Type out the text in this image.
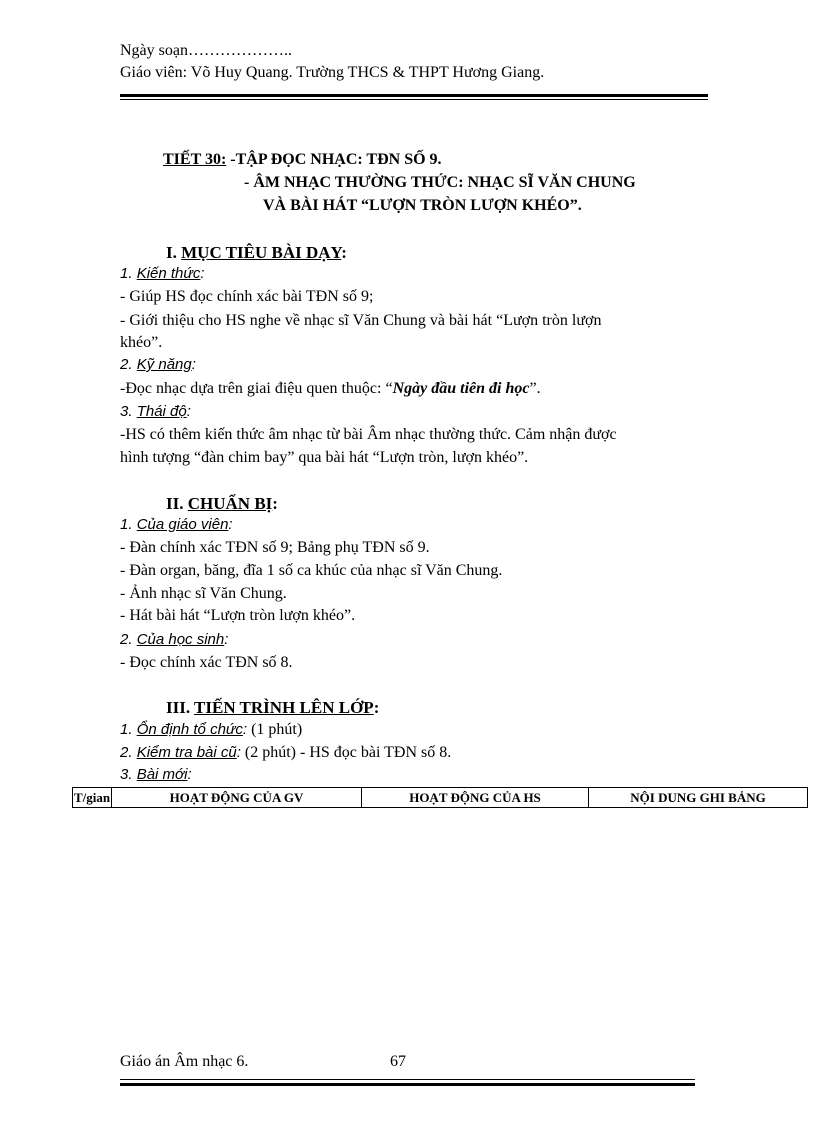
Ngày soạn………………..
Giáo viên: Võ Huy Quang. Trường THCS & THPT Hương Giang.
TIẾT 30: -TẬP ĐỌC NHẠC: TĐN SỐ 9.
- ÂM NHẠC THƯỜNG THỨC: NHẠC SĨ VĂN CHUNG
VÀ BÀI HÁT “LƯỢN TRÒN LƯỢN KHÉO”.
I. MỤC TIÊU BÀI DẠY:
1. Kiến thức:
- Giúp HS đọc chính xác bài TĐN số 9;
- Giới thiệu cho HS nghe về nhạc sĩ Văn Chung và bài hát “Lượn tròn lượn
khéo”.
2. Kỹ năng:
-Đọc nhạc dựa trên giai điệu quen thuộc: “Ngày đầu tiên đi học”.
3. Thái độ:
-HS có thêm kiến thức âm nhạc từ bài Âm nhạc thường thức. Cảm nhận được
hình tượng “đàn chim bay” qua bài hát “Lượn tròn, lượn khéo”.
II. CHUẨN BỊ:
1. Của giáo viên:
- Đàn chính xác TĐN số 9; Bảng phụ TĐN số 9.
- Đàn organ, băng, đĩa 1 số ca khúc của nhạc sĩ Văn Chung.
- Ảnh nhạc sĩ Văn Chung.
- Hát bài hát “Lượn tròn lượn khéo”.
2. Của học sinh:
- Đọc chính xác TĐN số 8.
III. TIẾN TRÌNH LÊN LỚP:
1. Ổn định tổ chức: (1 phút)
2. Kiểm tra bài cũ: (2 phút) - HS đọc bài TĐN số 8.
3. Bài mới:
T/gian	HOẠT ĐỘNG CỦA GV	HOẠT ĐỘNG CỦA HS	NỘI DUNG GHI BẢNG
Giáo án Âm nhạc 6.	67
